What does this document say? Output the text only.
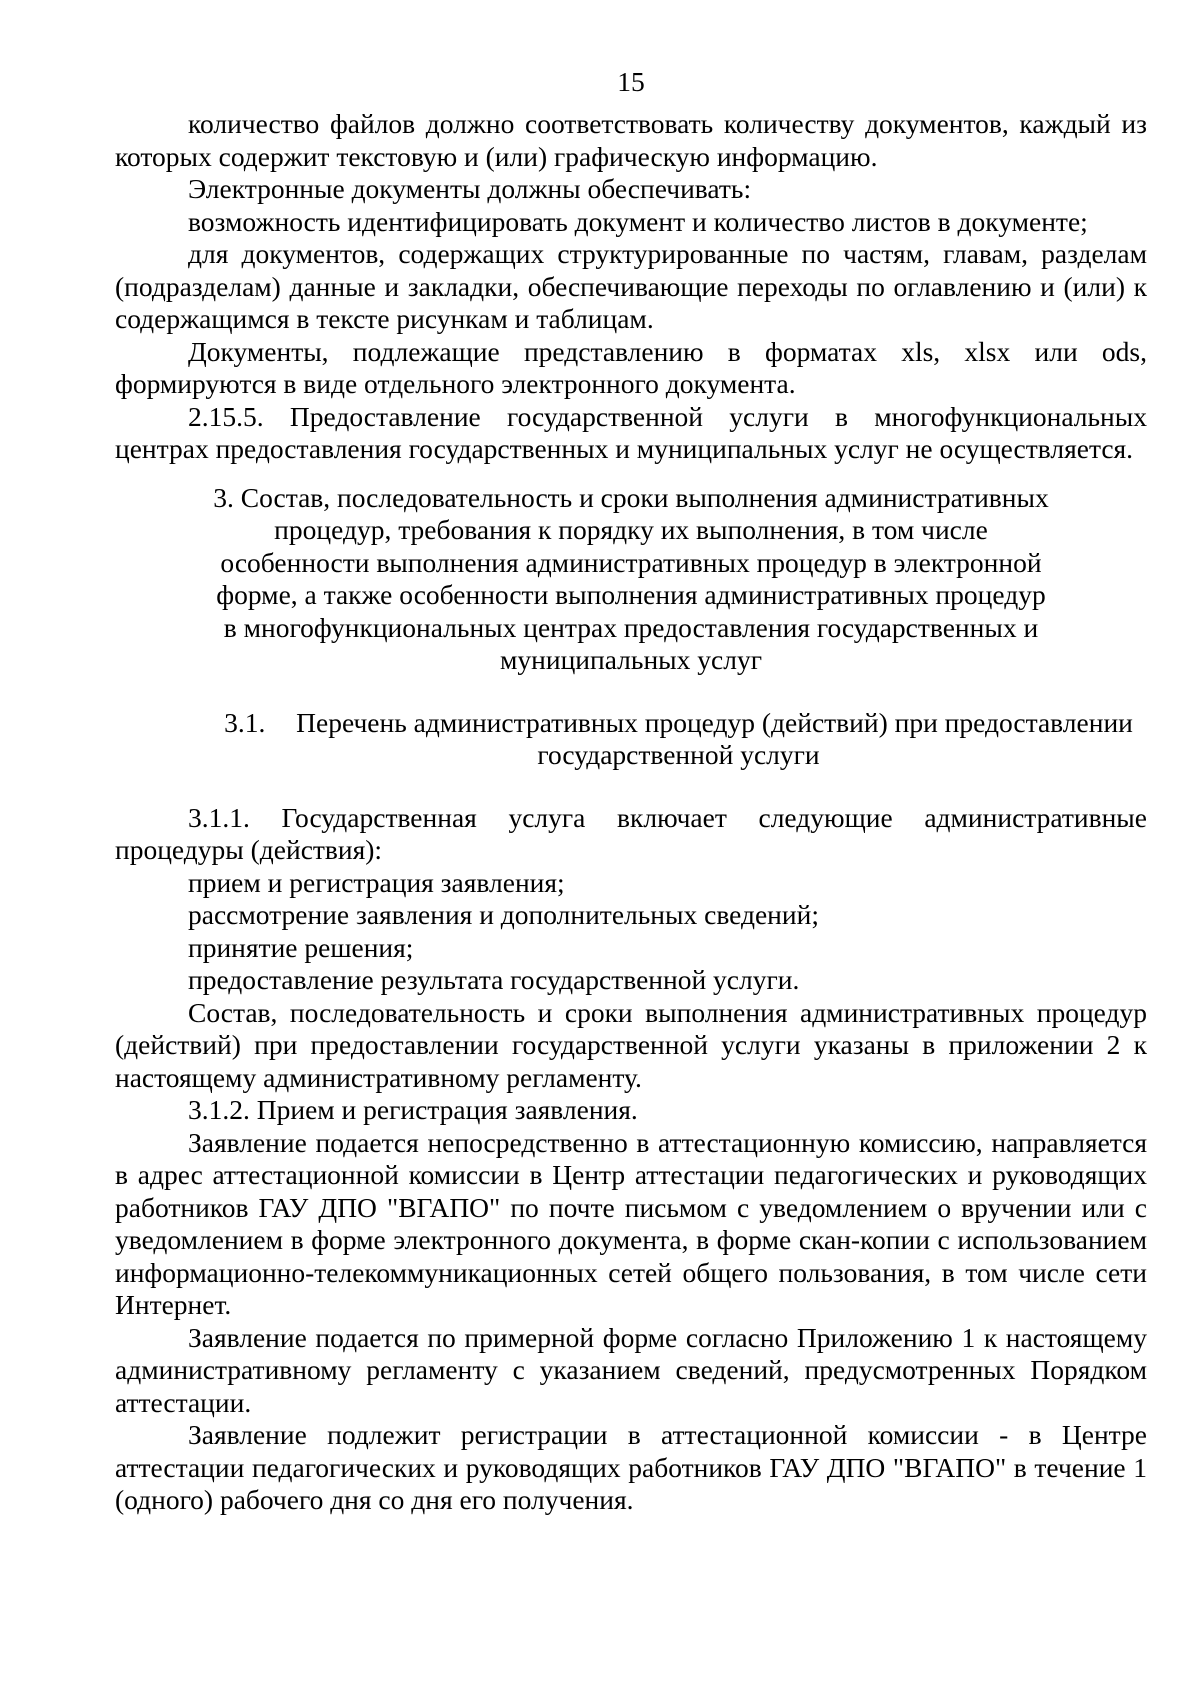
15

количество файлов должно соответствовать количеству документов, каждый из которых содержит текстовую и (или) графическую информацию.

Электронные документы должны обеспечивать:

возможность идентифицировать документ и количество листов в документе;

для документов, содержащих структурированные по частям, главам, разделам (подразделам) данные и закладки, обеспечивающие переходы по оглавлению и (или) к содержащимся в тексте рисункам и таблицам.

Документы, подлежащие представлению в форматах xls, xlsx или ods, формируются в виде отдельного электронного документа.

2.15.5. Предоставление государственной услуги в многофункциональных центрах предоставления государственных и муниципальных услуг не осуществляется.

3. Состав, последовательность и сроки выполнения административных процедур, требования к порядку их выполнения, в том числе особенности выполнения административных процедур в электронной форме, а также особенности выполнения административных процедур в многофункциональных центрах предоставления государственных и муниципальных услуг
3.1. Перечень административных процедур (действий) при предоставлении государственной услуги

3.1.1. Государственная услуга включает следующие административные процедуры (действия):

прием и регистрация заявления;

рассмотрение заявления и дополнительных сведений;

принятие решения;

предоставление результата государственной услуги.

Состав, последовательность и сроки выполнения административных процедур (действий) при предоставлении государственной услуги указаны в приложении 2 к настоящему административному регламенту.

3.1.2. Прием и регистрация заявления.

Заявление подается непосредственно в аттестационную комиссию, направляется в адрес аттестационной комиссии в Центр аттестации педагогических и руководящих работников ГАУ ДПО "ВГАПО" по почте письмом с уведомлением о вручении или с уведомлением в форме электронного документа, в форме скан-копии с использованием информационно-телекоммуникационных сетей общего пользования, в том числе сети Интернет.

Заявление подается по примерной форме согласно Приложению 1 к настоящему административному регламенту с указанием сведений, предусмотренных Порядком аттестации.

Заявление подлежит регистрации в аттестационной комиссии - в Центре аттестации педагогических и руководящих работников ГАУ ДПО "ВГАПО" в течение 1 (одного) рабочего дня со дня его получения.
